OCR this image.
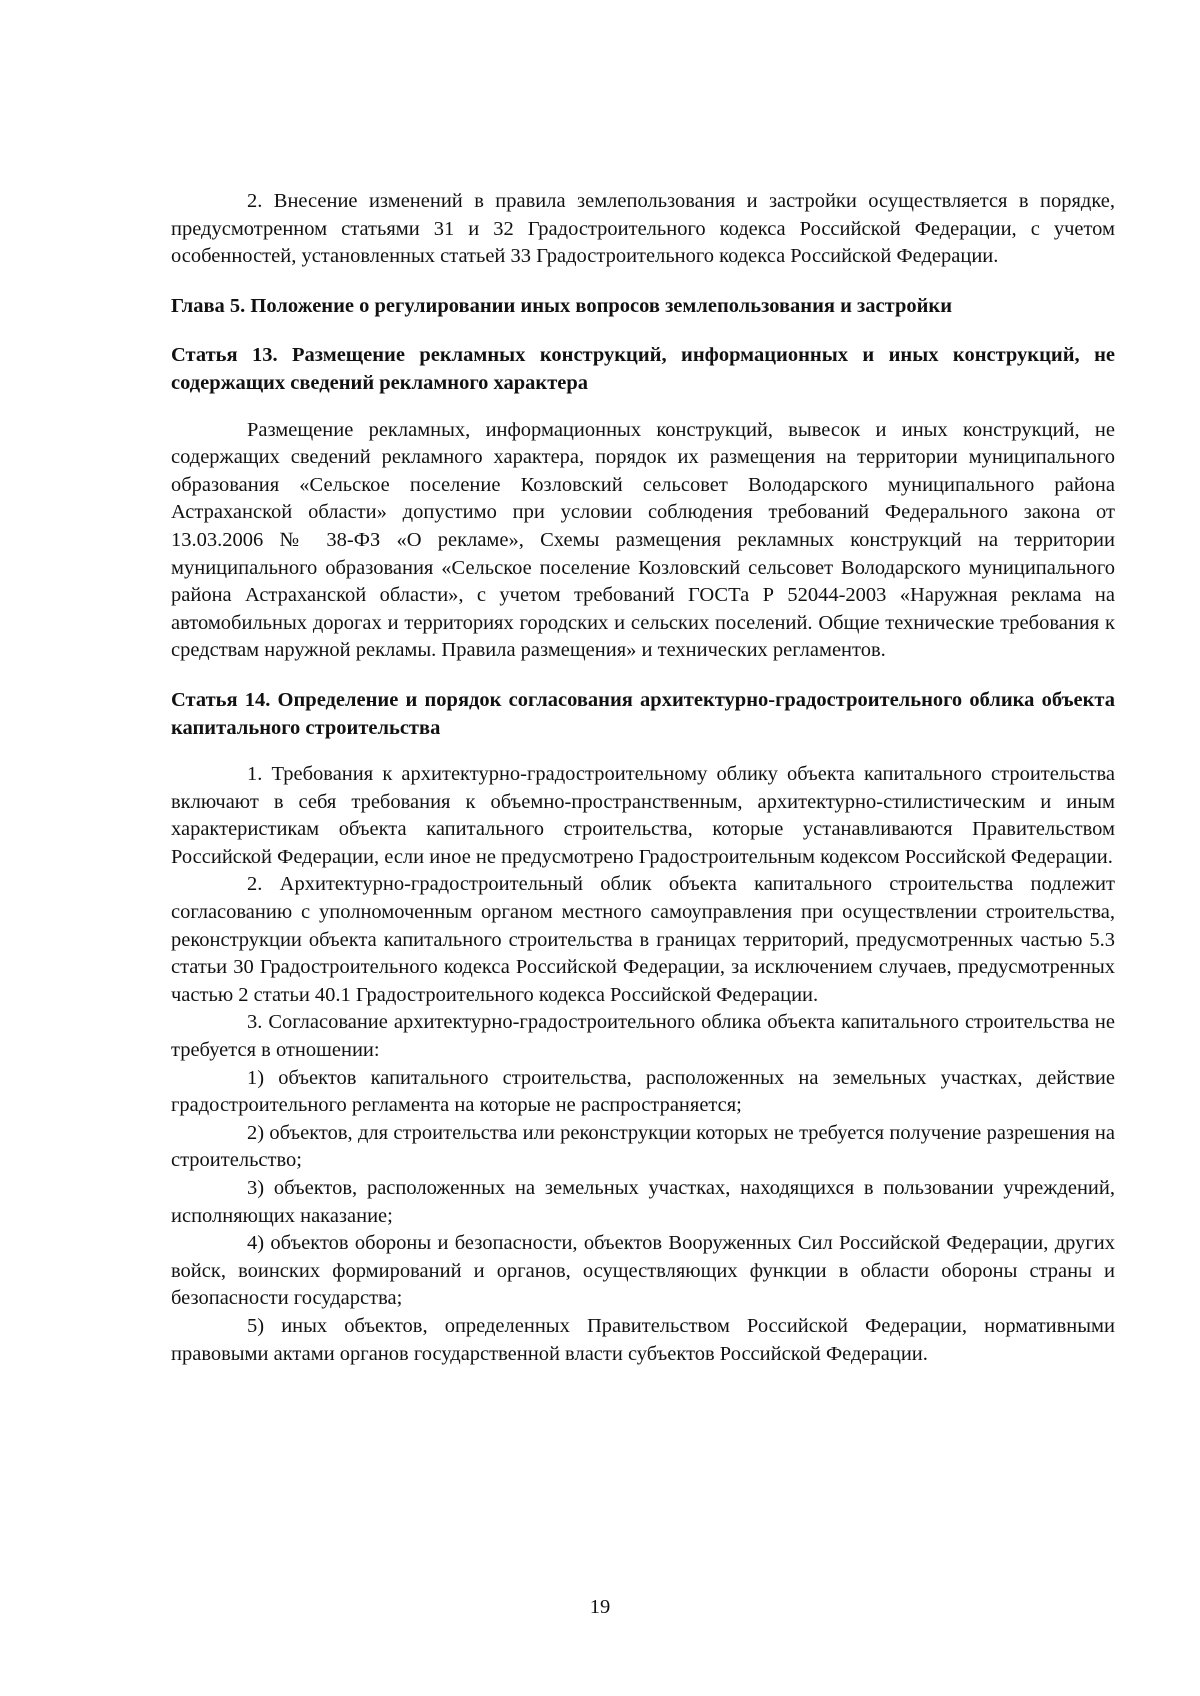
2. Внесение изменений в правила землепользования и застройки осуществляется в порядке, предусмотренном статьями 31 и 32 Градостроительного кодекса Российской Федерации, с учетом особенностей, установленных статьей 33 Градостроительного кодекса Российской Федерации.

Глава 5. Положение о регулировании иных вопросов землепользования и застройки

Статья 13. Размещение рекламных конструкций, информационных и иных конструкций, не содержащих сведений рекламного характера

Размещение рекламных, информационных конструкций, вывесок и иных конструкций, не содержащих сведений рекламного характера, порядок их размещения на территории муниципального образования «Сельское поселение Козловский сельсовет Володарского муниципального района Астраханской области» допустимо при условии соблюдения требований Федерального закона от 13.03.2006 № 38-ФЗ «О рекламе», Схемы размещения рекламных конструкций на территории муниципального образования «Сельское поселение Козловский сельсовет Володарского муниципального района Астраханской области», с учетом требований ГОСТа Р 52044-2003 «Наружная реклама на автомобильных дорогах и территориях городских и сельских поселений. Общие технические требования к средствам наружной рекламы. Правила размещения» и технических регламентов.

Статья 14. Определение и порядок согласования архитектурно-градостроительного облика объекта капитального строительства

1. Требования к архитектурно-градостроительному облику объекта капитального строительства включают в себя требования к объемно-пространственным, архитектурно-стилистическим и иным характеристикам объекта капитального строительства, которые устанавливаются Правительством Российской Федерации, если иное не предусмотрено Градостроительным кодексом Российской Федерации.

2. Архитектурно-градостроительный облик объекта капитального строительства подлежит согласованию с уполномоченным органом местного самоуправления при осуществлении строительства, реконструкции объекта капитального строительства в границах территорий, предусмотренных частью 5.3 статьи 30 Градостроительного кодекса Российской Федерации, за исключением случаев, предусмотренных частью 2 статьи 40.1 Градостроительного кодекса Российской Федерации.

3. Согласование архитектурно-градостроительного облика объекта капитального строительства не требуется в отношении:

1) объектов капитального строительства, расположенных на земельных участках, действие градостроительного регламента на которые не распространяется;

2) объектов, для строительства или реконструкции которых не требуется получение разрешения на строительство;

3) объектов, расположенных на земельных участках, находящихся в пользовании учреждений, исполняющих наказание;

4) объектов обороны и безопасности, объектов Вооруженных Сил Российской Федерации, других войск, воинских формирований и органов, осуществляющих функции в области обороны страны и безопасности государства;

5) иных объектов, определенных Правительством Российской Федерации, нормативными правовыми актами органов государственной власти субъектов Российской Федерации.

19
